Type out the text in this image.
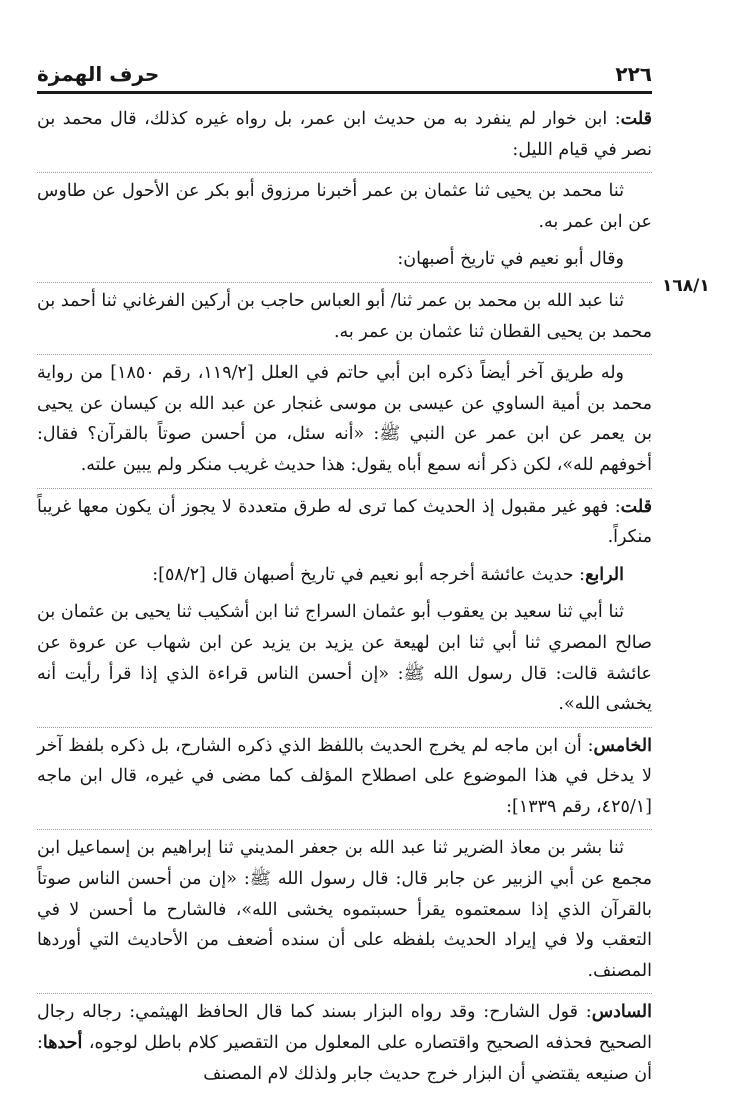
حرف الهمزة	٢٢٦
١٦٨/١

قلت: ابن خوار لم ينفرد به من حديث ابن عمر، بل رواه غيره كذلك، قال محمد بن نصر في قيام الليل:

ثنا محمد بن يحيى ثنا عثمان بن عمر أخبرنا مرزوق أبو بكر عن الأحول عن طاوس عن ابن عمر به.

وقال أبو نعيم في تاريخ أصبهان:

ثنا عبد الله بن محمد بن عمر ثنا/ أبو العباس حاجب بن أركين الفرغاني ثنا أحمد بن محمد بن يحيى القطان ثنا عثمان بن عمر به.

وله طريق آخر أيضاً ذكره ابن أبي حاتم في العلل [١١٩/٢، رقم ١٨٥٠] من رواية محمد بن أمية الساوي عن عيسى بن موسى غنجار عن عبد الله بن كيسان عن يحيى بن يعمر عن ابن عمر عن النبي ﷺ: «أنه سئل، من أحسن صوتاً بالقرآن؟ فقال: أخوفهم لله»، لكن ذكر أنه سمع أباه يقول: هذا حديث غريب منكر ولم يبين علته.

قلت: فهو غير مقبول إذ الحديث كما ترى له طرق متعددة لا يجوز أن يكون معها غريباً منكراً.

الرابع: حديث عائشة أخرجه أبو نعيم في تاريخ أصبهان قال [٥٨/٢]:

ثنا أبي ثنا سعيد بن يعقوب أبو عثمان السراج ثنا ابن أشكيب ثنا يحيى بن عثمان بن صالح المصري ثنا أبي ثنا ابن لهيعة عن يزيد بن يزيد عن ابن شهاب عن عروة عن عائشة قالت: قال رسول الله ﷺ: «إن أحسن الناس قراءة الذي إذا قرأ رأيت أنه يخشى الله».

الخامس: أن ابن ماجه لم يخرج الحديث باللفظ الذي ذكره الشارح، بل ذكره بلفظ آخر لا يدخل في هذا الموضوع على اصطلاح المؤلف كما مضى في غيره، قال ابن ماجه [٤٢٥/١، رقم ١٣٣٩]:

ثنا بشر بن معاذ الضرير ثنا عبد الله بن جعفر المديني ثنا إبراهيم بن إسماعيل ابن مجمع عن أبي الزبير عن جابر قال: قال رسول الله ﷺ: «إن من أحسن الناس صوتاً بالقرآن الذي إذا سمعتموه يقرأ حسبتموه يخشى الله»، فالشارح ما أحسن لا في التعقب ولا في إيراد الحديث بلفظه على أن سنده أضعف من الأحاديث التي أوردها المصنف.

السادس: قول الشارح: وقد رواه البزار بسند كما قال الحافظ الهيثمي: رجاله رجال الصحيح فحذفه الصحيح واقتصاره على المعلول من التقصير كلام باطل لوجوه، أحدها: أن صنيعه يقتضي أن البزار خرج حديث جابر ولذلك لام المصنف
